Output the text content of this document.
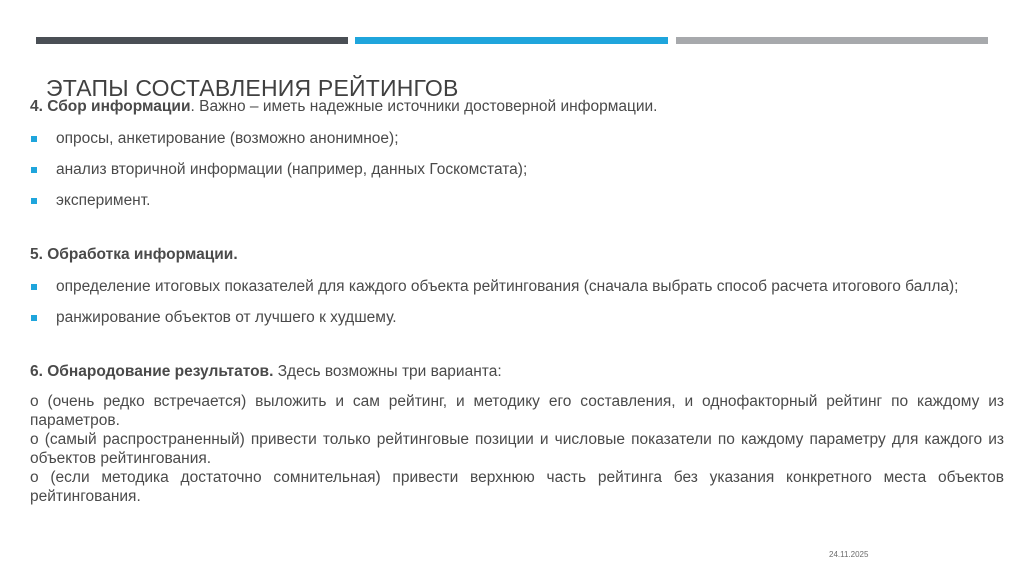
ЭТАПЫ СОСТАВЛЕНИЯ РЕЙТИНГОВ

4. Сбор информации. Важно – иметь надежные источники достоверной информации.

опросы, анкетирование (возможно анонимное);
анализ вторичной информации (например, данных Госкомстата);
эксперимент.

5. Обработка информации.

определение итоговых показателей для каждого объекта рейтингования (сначала выбрать способ расчета итогового балла);
ранжирование объектов от лучшего к худшему.

6. Обнародование результатов. Здесь возможны три варианта:

о (очень редко встречается) выложить и сам рейтинг, и методику его составления, и однофакторный рейтинг по каждому из параметров.

о (самый распространенный) привести только рейтинговые позиции и числовые показатели по каждому параметру для каждого из объектов рейтингования.

о (если методика достаточно сомнительная) привести верхнюю часть рейтинга без указания конкретного места объектов рейтингования.

24.11.2025
